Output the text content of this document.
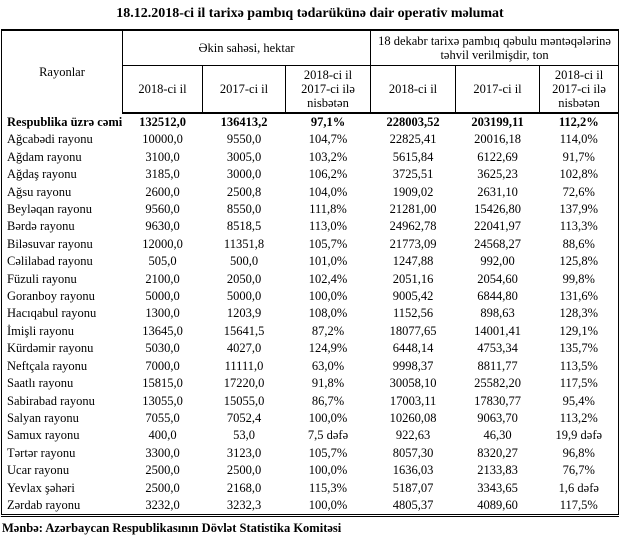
18.12.2018-ci il tarixə pambıq tədarükünə dair operativ məlumat
Rayonlar	Əkin sahəsi, hektar			18 dekabr tarixə pambıq qəbulu məntəqələrinə təhvil verilmişdir, ton		
	2018-ci il	2017-ci il	2018-ci il 2017-ci ilə nisbətən	2018-ci il	2017-ci il	2018-ci il 2017-ci ilə nisbətən
Respublika üzrə cəmi	132512,0	136413,2	97,1%	228003,52	203199,11	112,2%
Ağcabədi rayonu	10000,0	9550,0	104,7%	22825,41	20016,18	114,0%
Ağdam rayonu	3100,0	3005,0	103,2%	5615,84	6122,69	91,7%
Ağdaş rayonu	3185,0	3000,0	106,2%	3725,51	3625,23	102,8%
Ağsu rayonu	2600,0	2500,8	104,0%	1909,02	2631,10	72,6%
Beyləqan rayonu	9560,0	8550,0	111,8%	21281,00	15426,80	137,9%
Bərdə rayonu	9630,0	8518,5	113,0%	24962,78	22041,97	113,3%
Biləsuvar rayonu	12000,0	11351,8	105,7%	21773,09	24568,27	88,6%
Cəlilabad rayonu	505,0	500,0	101,0%	1247,88	992,00	125,8%
Füzuli rayonu	2100,0	2050,0	102,4%	2051,16	2054,60	99,8%
Goranboy rayonu	5000,0	5000,0	100,0%	9005,42	6844,80	131,6%
Hacıqabul rayonu	1300,0	1203,9	108,0%	1152,56	898,63	128,3%
İmişli rayonu	13645,0	15641,5	87,2%	18077,65	14001,41	129,1%
Kürdəmir rayonu	5030,0	4027,0	124,9%	6448,14	4753,34	135,7%
Neftçala rayonu	7000,0	11111,0	63,0%	9998,37	8811,77	113,5%
Saatlı rayonu	15815,0	17220,0	91,8%	30058,10	25582,20	117,5%
Sabirabad rayonu	13055,0	15055,0	86,7%	17003,11	17830,77	95,4%
Salyan rayonu	7055,0	7052,4	100,0%	10260,08	9063,70	113,2%
Samux rayonu	400,0	53,0	7,5 dəfə	922,63	46,30	19,9 dəfə
Tərtər rayonu	3300,0	3123,0	105,7%	8057,30	8320,27	96,8%
Ucar rayonu	2500,0	2500,0	100,0%	1636,03	2133,83	76,7%
Yevlax şəhəri	2500,0	2168,0	115,3%	5187,07	3343,65	1,6 dəfə
Zərdab rayonu	3232,0	3232,3	100,0%	4805,37	4089,60	117,5%
Mənbə: Azərbaycan Respublikasının Dövlət Statistika Komitəsi
